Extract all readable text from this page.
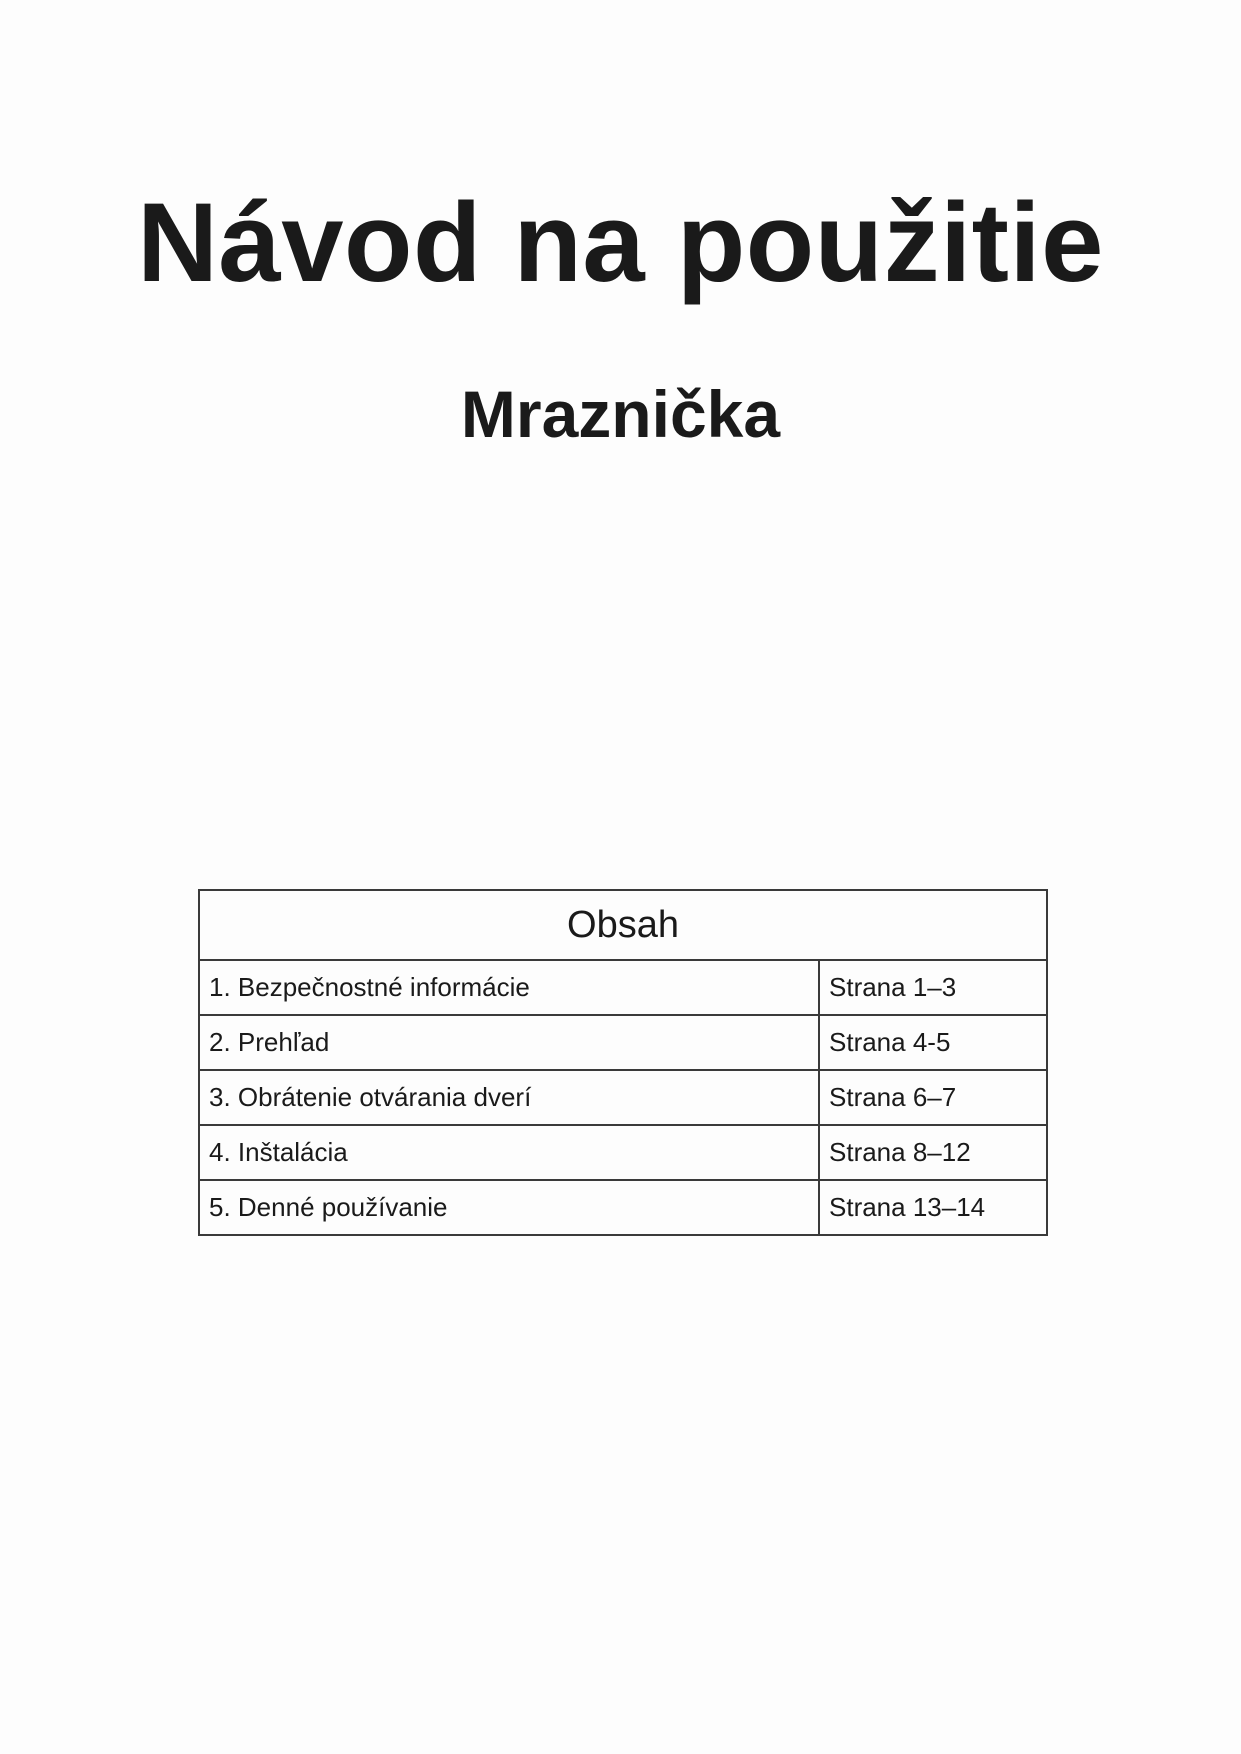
Návod na použitie
Mraznička
Obsah	
1. Bezpečnostné informácie	Strana 1–3
2. Prehľad	Strana 4-5
3. Obrátenie otvárania dverí	Strana 6–7
4. Inštalácia	Strana 8–12
5. Denné používanie	Strana 13–14
